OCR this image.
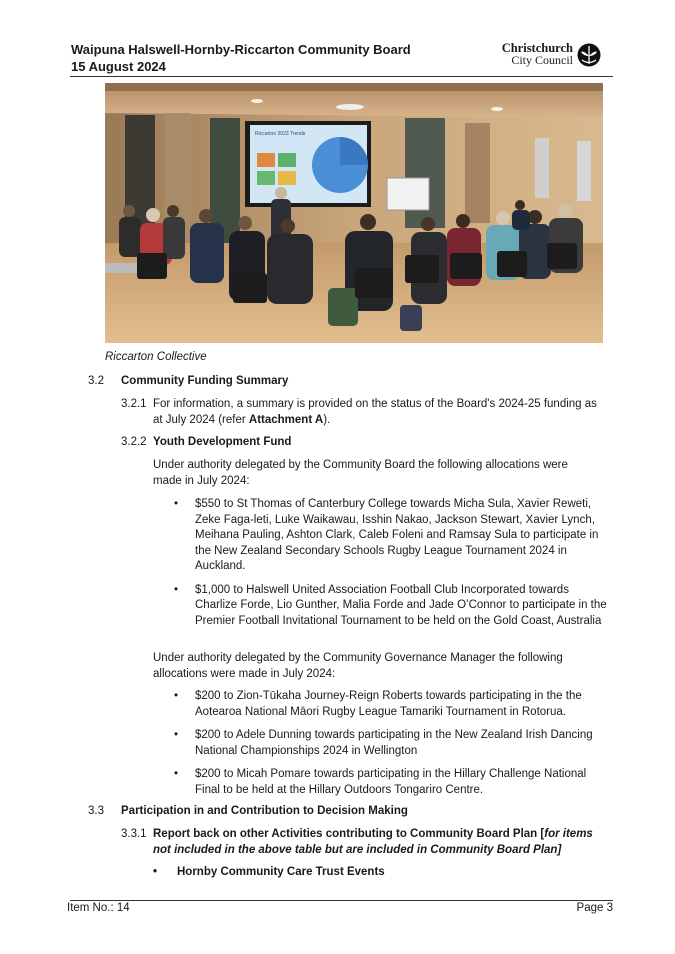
Waipuna Halswell-Hornby-Riccarton Community Board
15 August 2024
Christchurch
City Council
Riccarton 2023 Trends
Riccarton Collective
3.2 Community Funding Summary
3.2.1 For information, a summary is provided on the status of the Board's 2024-25 funding as
at July 2024 (refer Attachment A).
3.2.2 Youth Development Fund
Under authority delegated by the Community Board the following allocations were made in July 2024:
• $550 to St Thomas of Canterbury College towards Micha Sula, Xavier Reweti, Zeke Faga-leti, Luke Waikawau, Isshin Nakao, Jackson Stewart, Xavier Lynch, Meihana Pauling, Ashton Clark, Caleb Foleni and Ramsay Sula to participate in the New Zealand Secondary Schools Rugby League Tournament 2024 in Auckland.
• $1,000 to Halswell United Association Football Club Incorporated towards Charlize Forde, Lio Gunther, Malia Forde and Jade O’Connor to participate in the Premier Football Invitational Tournament to be held on the Gold Coast, Australia
Under authority delegated by the Community Governance Manager the following allocations were made in July 2024:
• $200 to Zion-Tūkaha Journey-Reign Roberts towards participating in the the Aotearoa National Māori Rugby League Tamariki Tournament in Rotorua.
• $200 to Adele Dunning towards participating in the New Zealand Irish Dancing National Championships 2024 in Wellington
• $200 to Micah Pomare towards participating in the Hillary Challenge National Final to be held at the Hillary Outdoors Tongariro Centre.
3.3 Participation in and Contribution to Decision Making
3.3.1 Report back on other Activities contributing to Community Board Plan [for items
not included in the above table but are included in Community Board Plan]
• Hornby Community Care Trust Events
Item No.: 14	Page 3
